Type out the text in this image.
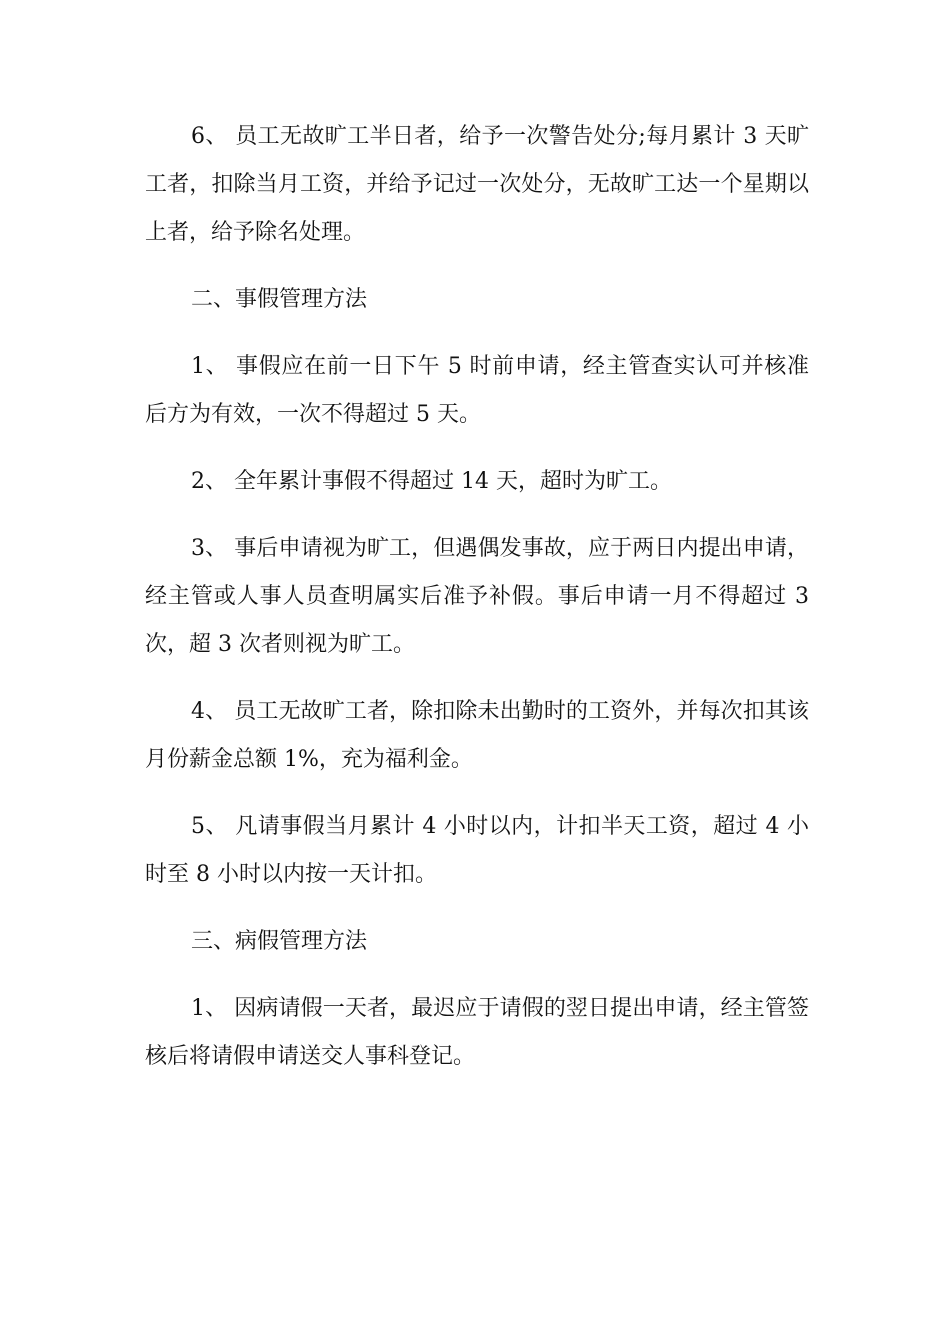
6、 员工无故旷工半日者，给予一次警告处分;每月累计 3 天旷工者，扣除当月工资，并给予记过一次处分，无故旷工达一个星期以上者，给予除名处理。

二、事假管理方法

1、 事假应在前一日下午 5 时前申请，经主管查实认可并核准后方为有效，一次不得超过 5 天。

2、 全年累计事假不得超过 14 天，超时为旷工。

3、 事后申请视为旷工，但遇偶发事故，应于两日内提出申请，经主管或人事人员查明属实后准予补假。事后申请一月不得超过 3 次，超 3 次者则视为旷工。

4、 员工无故旷工者，除扣除未出勤时的工资外，并每次扣其该月份薪金总额 1%，充为福利金。

5、 凡请事假当月累计 4 小时以内，计扣半天工资，超过 4 小时至 8 小时以内按一天计扣。

三、病假管理方法

1、 因病请假一天者，最迟应于请假的翌日提出申请，经主管签核后将请假申请送交人事科登记。
